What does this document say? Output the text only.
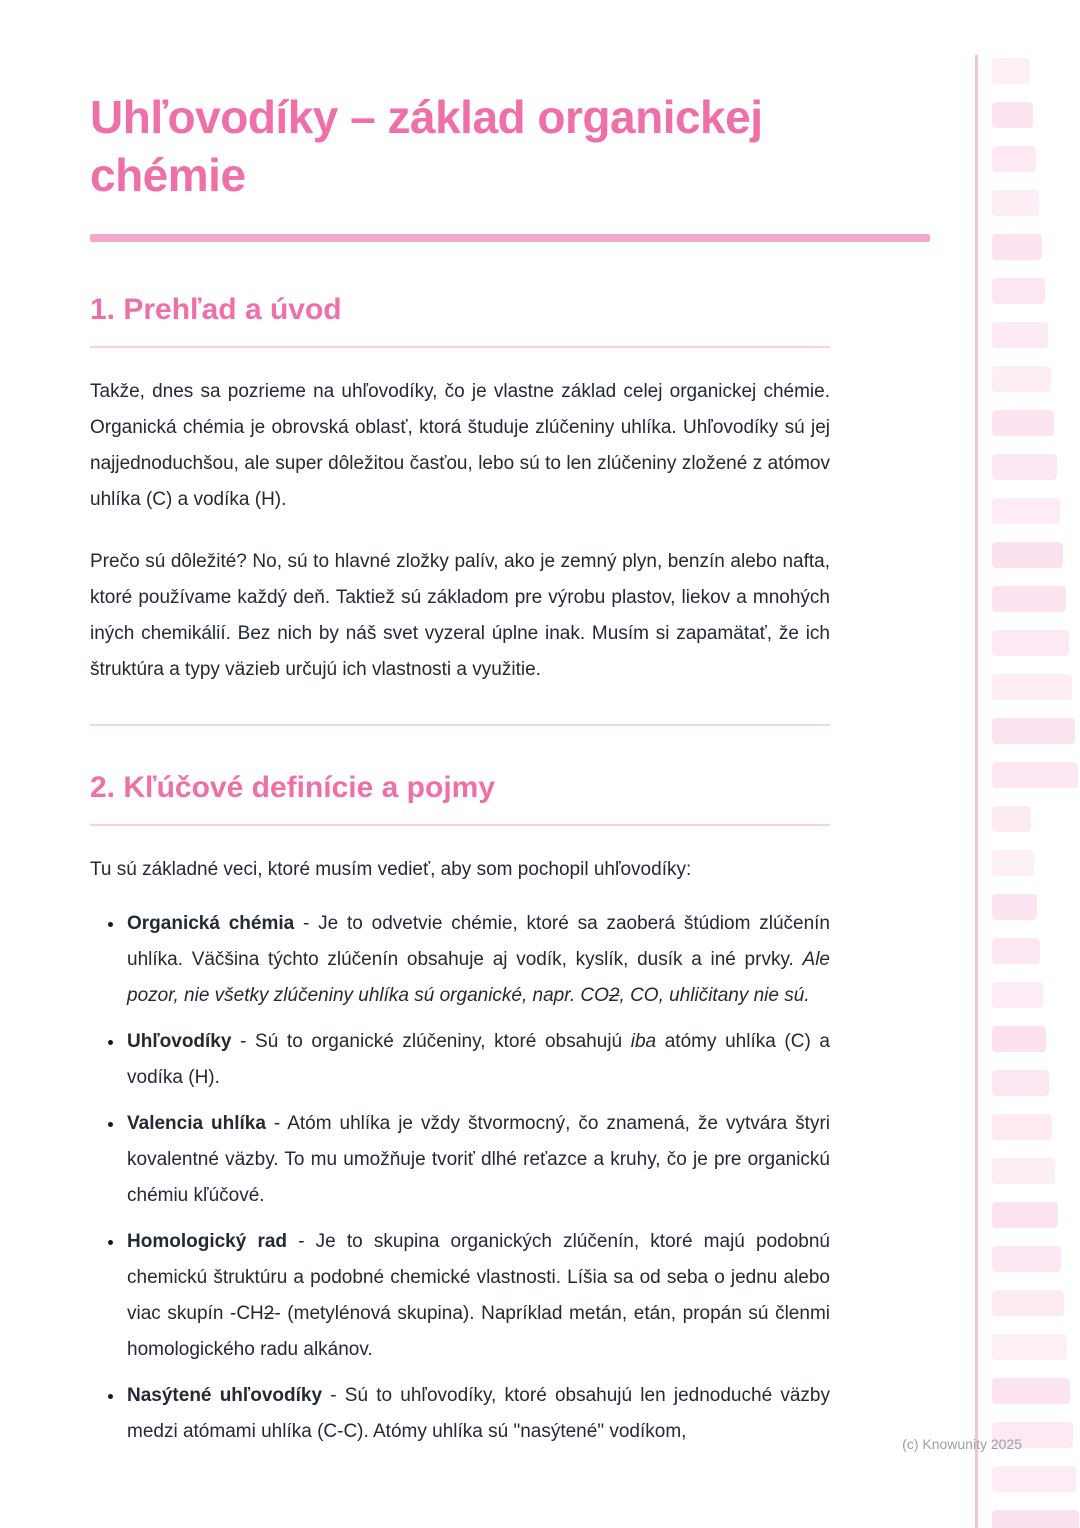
Uhľovodíky – základ organickej chémie
1. Prehľad a úvod

Takže, dnes sa pozrieme na uhľovodíky, čo je vlastne základ celej organickej chémie. Organická chémia je obrovská oblasť, ktorá študuje zlúčeniny uhlíka. Uhľovodíky sú jej najjednoduchšou, ale super dôležitou časťou, lebo sú to len zlúčeniny zložené z atómov uhlíka (C) a vodíka (H).

Prečo sú dôležité? No, sú to hlavné zložky palív, ako je zemný plyn, benzín alebo nafta, ktoré používame každý deň. Taktiež sú základom pre výrobu plastov, liekov a mnohých iných chemikálií. Bez nich by náš svet vyzeral úplne inak. Musím si zapamätať, že ich štruktúra a typy väzieb určujú ich vlastnosti a využitie.

2. Kľúčové definície a pojmy

Tu sú základné veci, ktoré musím vedieť, aby som pochopil uhľovodíky:

• Organická chémia - Je to odvetvie chémie, ktoré sa zaoberá štúdiom zlúčenín uhlíka. Väčšina týchto zlúčenín obsahuje aj vodík, kyslík, dusík a iné prvky. Ale pozor, nie všetky zlúčeniny uhlíka sú organické, napr. CO2, CO, uhličitany nie sú.
• Uhľovodíky - Sú to organické zlúčeniny, ktoré obsahujú iba atómy uhlíka (C) a vodíka (H).
• Valencia uhlíka - Atóm uhlíka je vždy štvormocný, čo znamená, že vytvára štyri kovalentné väzby. To mu umožňuje tvoriť dlhé reťazce a kruhy, čo je pre organickú chémiu kľúčové.
• Homologický rad - Je to skupina organických zlúčenín, ktoré majú podobnú chemickú štruktúru a podobné chemické vlastnosti. Líšia sa od seba o jednu alebo viac skupín -CH2- (metylénová skupina). Napríklad metán, etán, propán sú členmi homologického radu alkánov.
• Nasýtené uhľovodíky - Sú to uhľovodíky, ktoré obsahujú len jednoduché väzby medzi atómami uhlíka (C-C). Atómy uhlíka sú "nasýtené" vodíkom,
(c) Knowunity 2025
